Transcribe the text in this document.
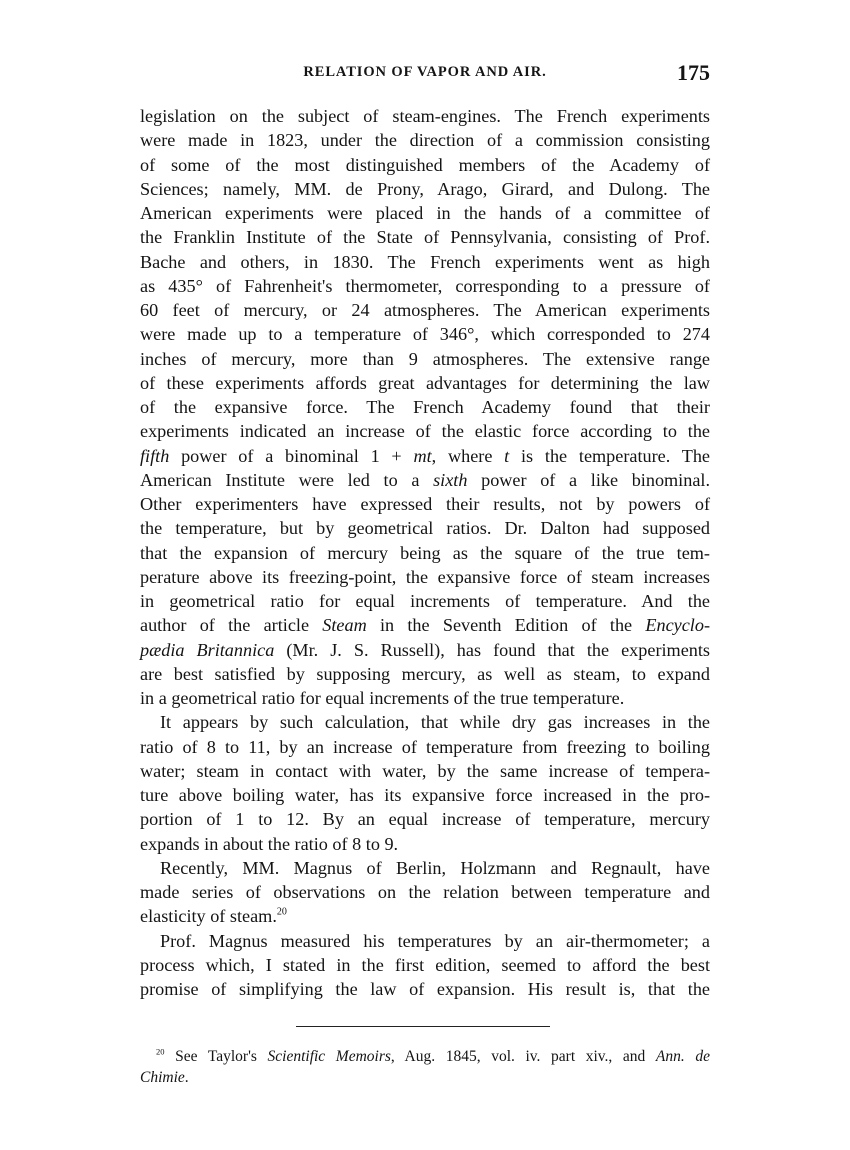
RELATION OF VAPOR AND AIR.	175

legislation on the subject of steam-engines. The French experiments
were made in 1823, under the direction of a commission consisting
of some of the most distinguished members of the Academy of
Sciences; namely, MM. de Prony, Arago, Girard, and Dulong. The
American experiments were placed in the hands of a committee of
the Franklin Institute of the State of Pennsylvania, consisting of Prof.
Bache and others, in 1830. The French experiments went as high
as 435° of Fahrenheit's thermometer, corresponding to a pressure of
60 feet of mercury, or 24 atmospheres. The American experiments
were made up to a temperature of 346°, which corresponded to 274
inches of mercury, more than 9 atmospheres. The extensive range
of these experiments affords great advantages for determining the law
of the expansive force. The French Academy found that their
experiments indicated an increase of the elastic force according to the
fifth power of a binominal 1 + mt, where t is the temperature. The
American Institute were led to a sixth power of a like binominal.
Other experimenters have expressed their results, not by powers of
the temperature, but by geometrical ratios. Dr. Dalton had supposed
that the expansion of mercury being as the square of the true tem-
perature above its freezing-point, the expansive force of steam increases
in geometrical ratio for equal increments of temperature. And the
author of the article Steam in the Seventh Edition of the Encyclo-
pædia Britannica (Mr. J. S. Russell), has found that the experiments
are best satisfied by supposing mercury, as well as steam, to expand
in a geometrical ratio for equal increments of the true temperature.

It appears by such calculation, that while dry gas increases in the
ratio of 8 to 11, by an increase of temperature from freezing to boiling
water; steam in contact with water, by the same increase of tempera-
ture above boiling water, has its expansive force increased in the pro-
portion of 1 to 12. By an equal increase of temperature, mercury
expands in about the ratio of 8 to 9.

Recently, MM. Magnus of Berlin, Holzmann and Regnault, have
made series of observations on the relation between temperature and
elasticity of steam.$^{20}$

Prof. Magnus measured his temperatures by an air-thermometer; a
process which, I stated in the first edition, seemed to afford the best
promise of simplifying the law of expansion. His result is, that the

$^{20}$ See Taylor's Scientific Memoirs, Aug. 1845, vol. iv. part xiv., and Ann. de
Chimie.
